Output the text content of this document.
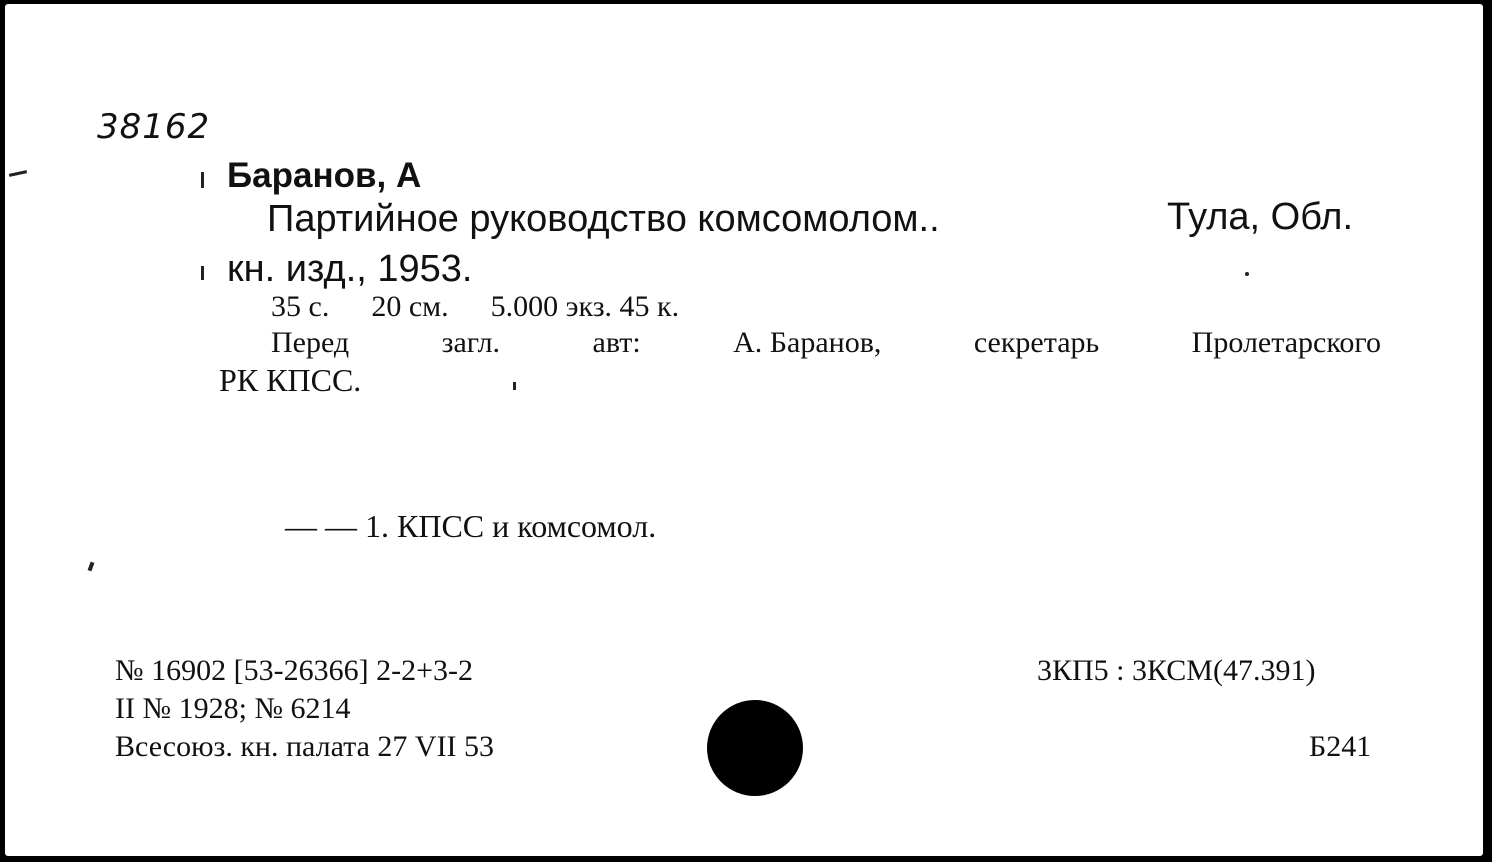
38162
Баранов, А
Партийное руководство комсомолом..	Тула, Обл.
кн. изд., 1953.
35 с. 20 см. 5.000 экз. 45 к.
Перед	загл.	авт:	А. Баранов,	секретарь	Пролетарского
РК КПСС.
— — 1. КПСС и комсомол.
№ 16902 [53-26366] 2-2+3-2
II № 1928; № 6214
Всесоюз. кн. палата 27 VII 53
3КП5 : 3КСМ(47.391)
Б241
